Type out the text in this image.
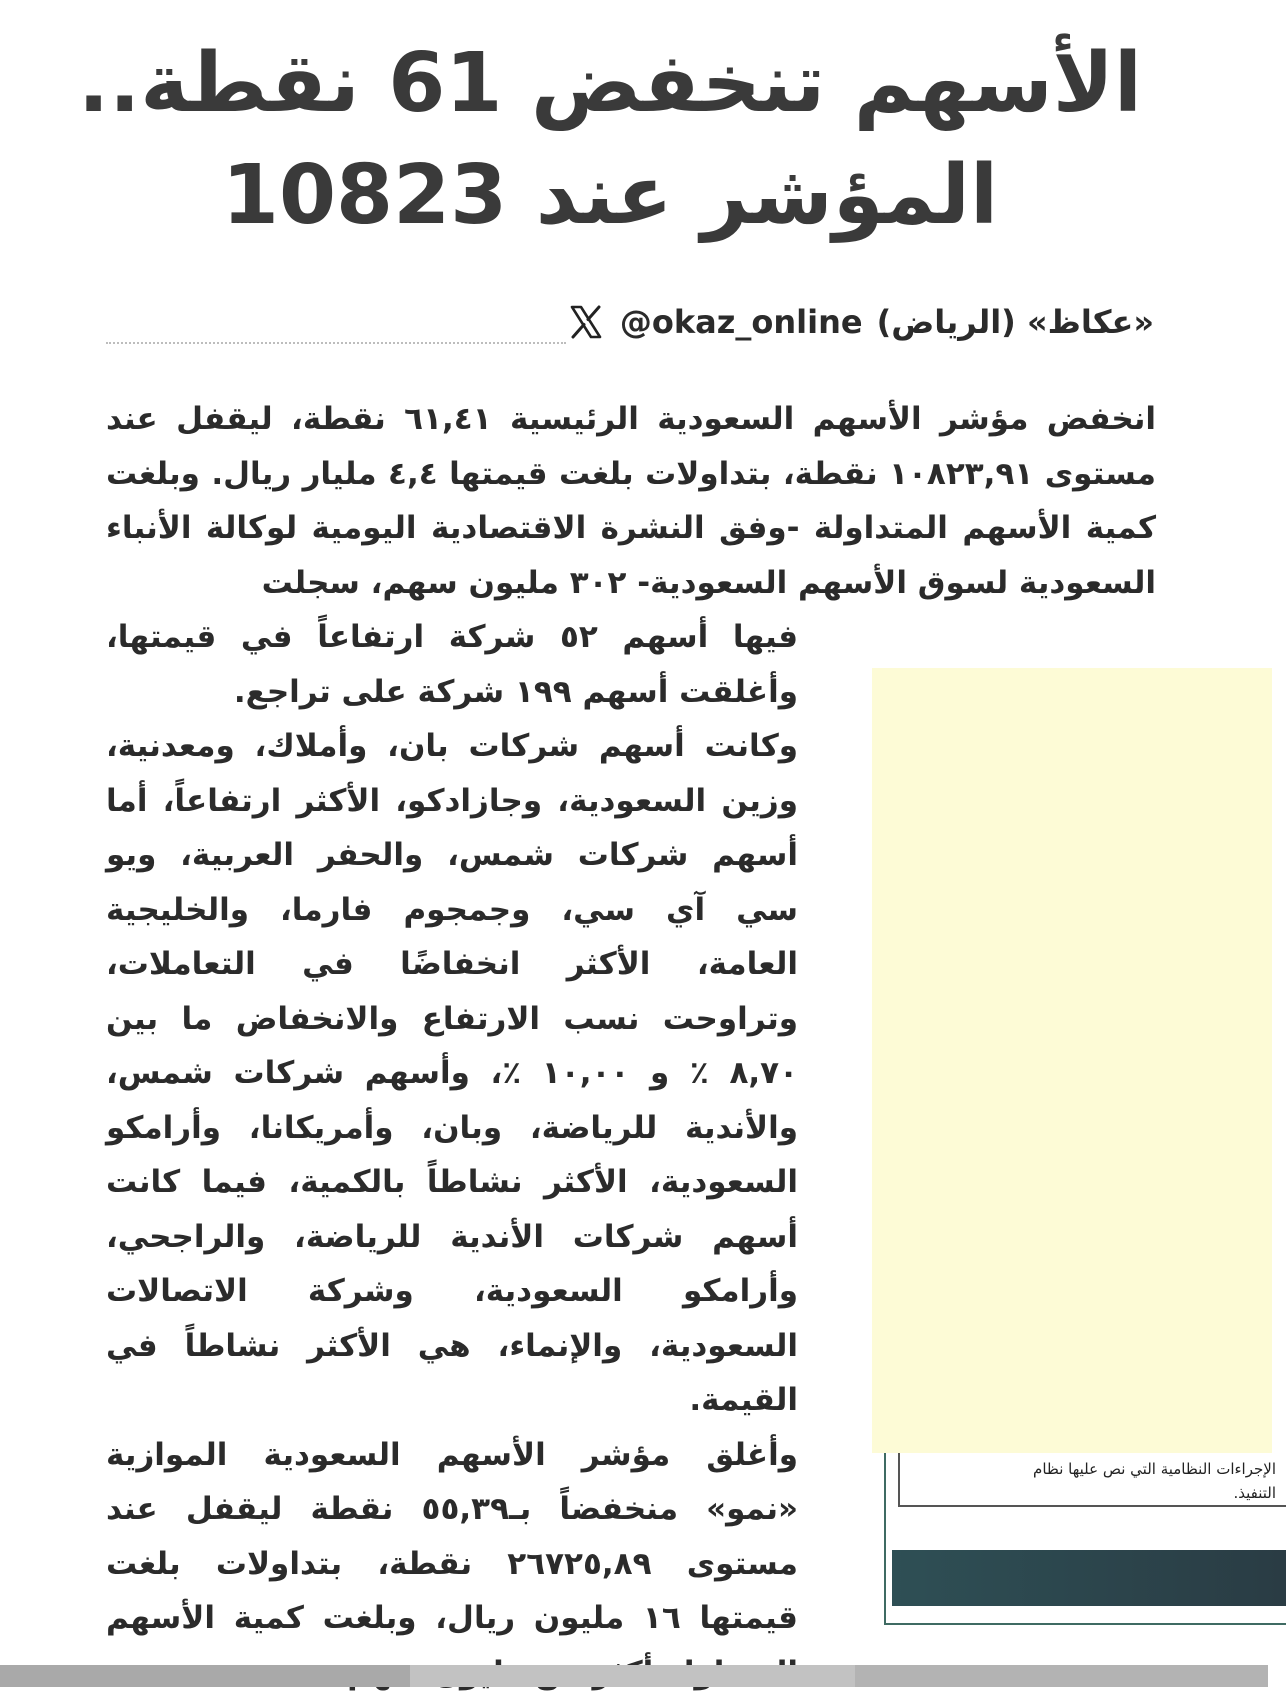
الأسهم تنخفض 61 نقطة..
المؤشر عند 10823
«عكاظ» (الرياض)
@okaz_online

انخفض مؤشر الأسهم السعودية الرئيسية ٦١,٤١ نقطة، ليقفل عند مستوى ١٠٨٢٣,٩١ نقطة، بتداولات بلغت قيمتها ٤,٤ مليار ريال. وبلغت كمية الأسهم المتداولة -وفق النشرة الاقتصادية اليومية لوكالة الأنباء السعودية لسوق الأسهم السعودية- ٣٠٢ مليون سهم، سجلت

فيها أسهم ٥٢ شركة ارتفاعاً في قيمتها، وأغلقت أسهم ١٩٩ شركة على تراجع.

وكانت أسهم شركات بان، وأملاك، ومعدنية، وزين السعودية، وجازادكو، الأكثر ارتفاعاً، أما أسهم شركات شمس، والحفر العربية، ويو سي آي سي، وجمجوم فارما، والخليجية العامة، الأكثر انخفاضًا في التعاملات، وتراوحت نسب الارتفاع والانخفاض ما بين ٨,٧٠ ٪ و ١٠,٠٠ ٪، وأسهم شركات شمس، والأندية للرياضة، وبان، وأمريكانا، وأرامكو السعودية، الأكثر نشاطاً بالكمية، فيما كانت أسهم شركات الأندية للرياضة، والراجحي، وأرامكو السعودية، وشركة الاتصالات السعودية، والإنماء، هي الأكثر نشاطاً في القيمة.

وأغلق مؤشر الأسهم السعودية الموازية «نمو» منخفضاً بـ٥٥,٣٩ نقطة ليقفل عند مستوى ٢٦٧٢٥,٨٩ نقطة، بتداولات بلغت قيمتها ١٦ مليون ريال، وبلغت كمية الأسهم

الإجراءات النظامية التي نص عليها نظام
التنفيذ.
